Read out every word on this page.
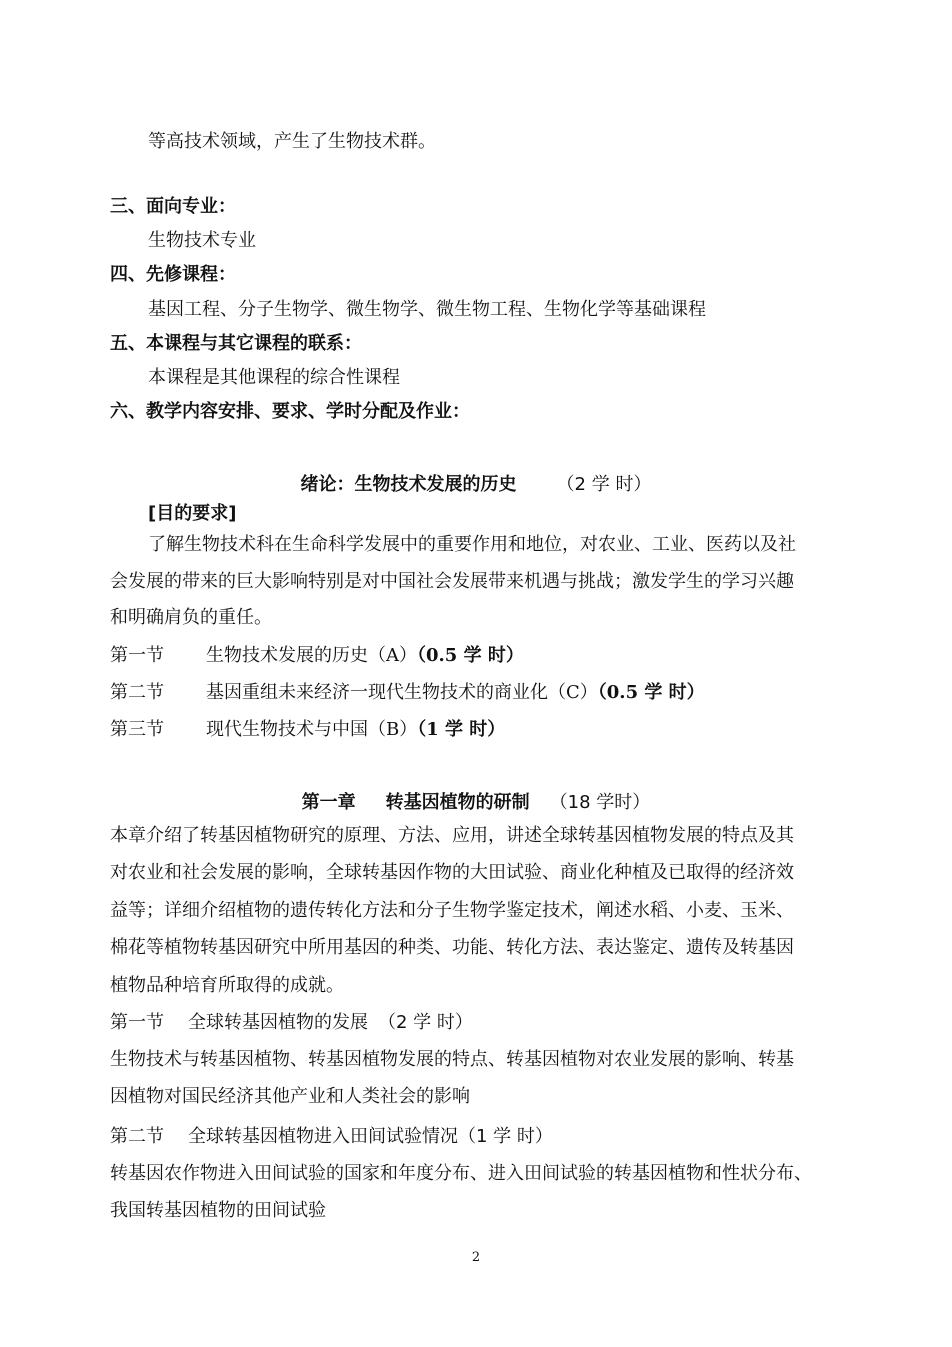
等高技术领域，产生了生物技术群。
三、面向专业：
生物技术专业
四、先修课程：
基因工程、分子生物学、微生物学、微生物工程、生物化学等基础课程
五、本课程与其它课程的联系：
本课程是其他课程的综合性课程
六、教学内容安排、要求、学时分配及作业：
绪论：生物技术发展的历史 （2 学 时）
[目的要求]
了解生物技术科在生命科学发展中的重要作用和地位，对农业、工业、医药以及社
会发展的带来的巨大影响特别是对中国社会发展带来机遇与挑战；激发学生的学习兴趣
和明确肩负的重任。
第一节 生物技术发展的历史（A）（0.5 学 时）
第二节 基因重组未来经济一现代生物技术的商业化（C）（0.5 学 时）
第三节 现代生物技术与中国（B）（1 学 时）
第一章 转基因植物的研制 （18 学时）
本章介绍了转基因植物研究的原理、方法、应用，讲述全球转基因植物发展的特点及其
对农业和社会发展的影响，全球转基因作物的大田试验、商业化种植及已取得的经济效
益等；详细介绍植物的遗传转化方法和分子生物学鉴定技术，阐述水稻、小麦、玉米、
棉花等植物转基因研究中所用基因的种类、功能、转化方法、表达鉴定、遗传及转基因
植物品种培育所取得的成就。
第一节 全球转基因植物的发展 （2 学 时）
生物技术与转基因植物、转基因植物发展的特点、转基因植物对农业发展的影响、转基
因植物对国民经济其他产业和人类社会的影响
第二节 全球转基因植物进入田间试验情况（1 学 时）
转基因农作物进入田间试验的国家和年度分布、进入田间试验的转基因植物和性状分布、
我国转基因植物的田间试验
2
